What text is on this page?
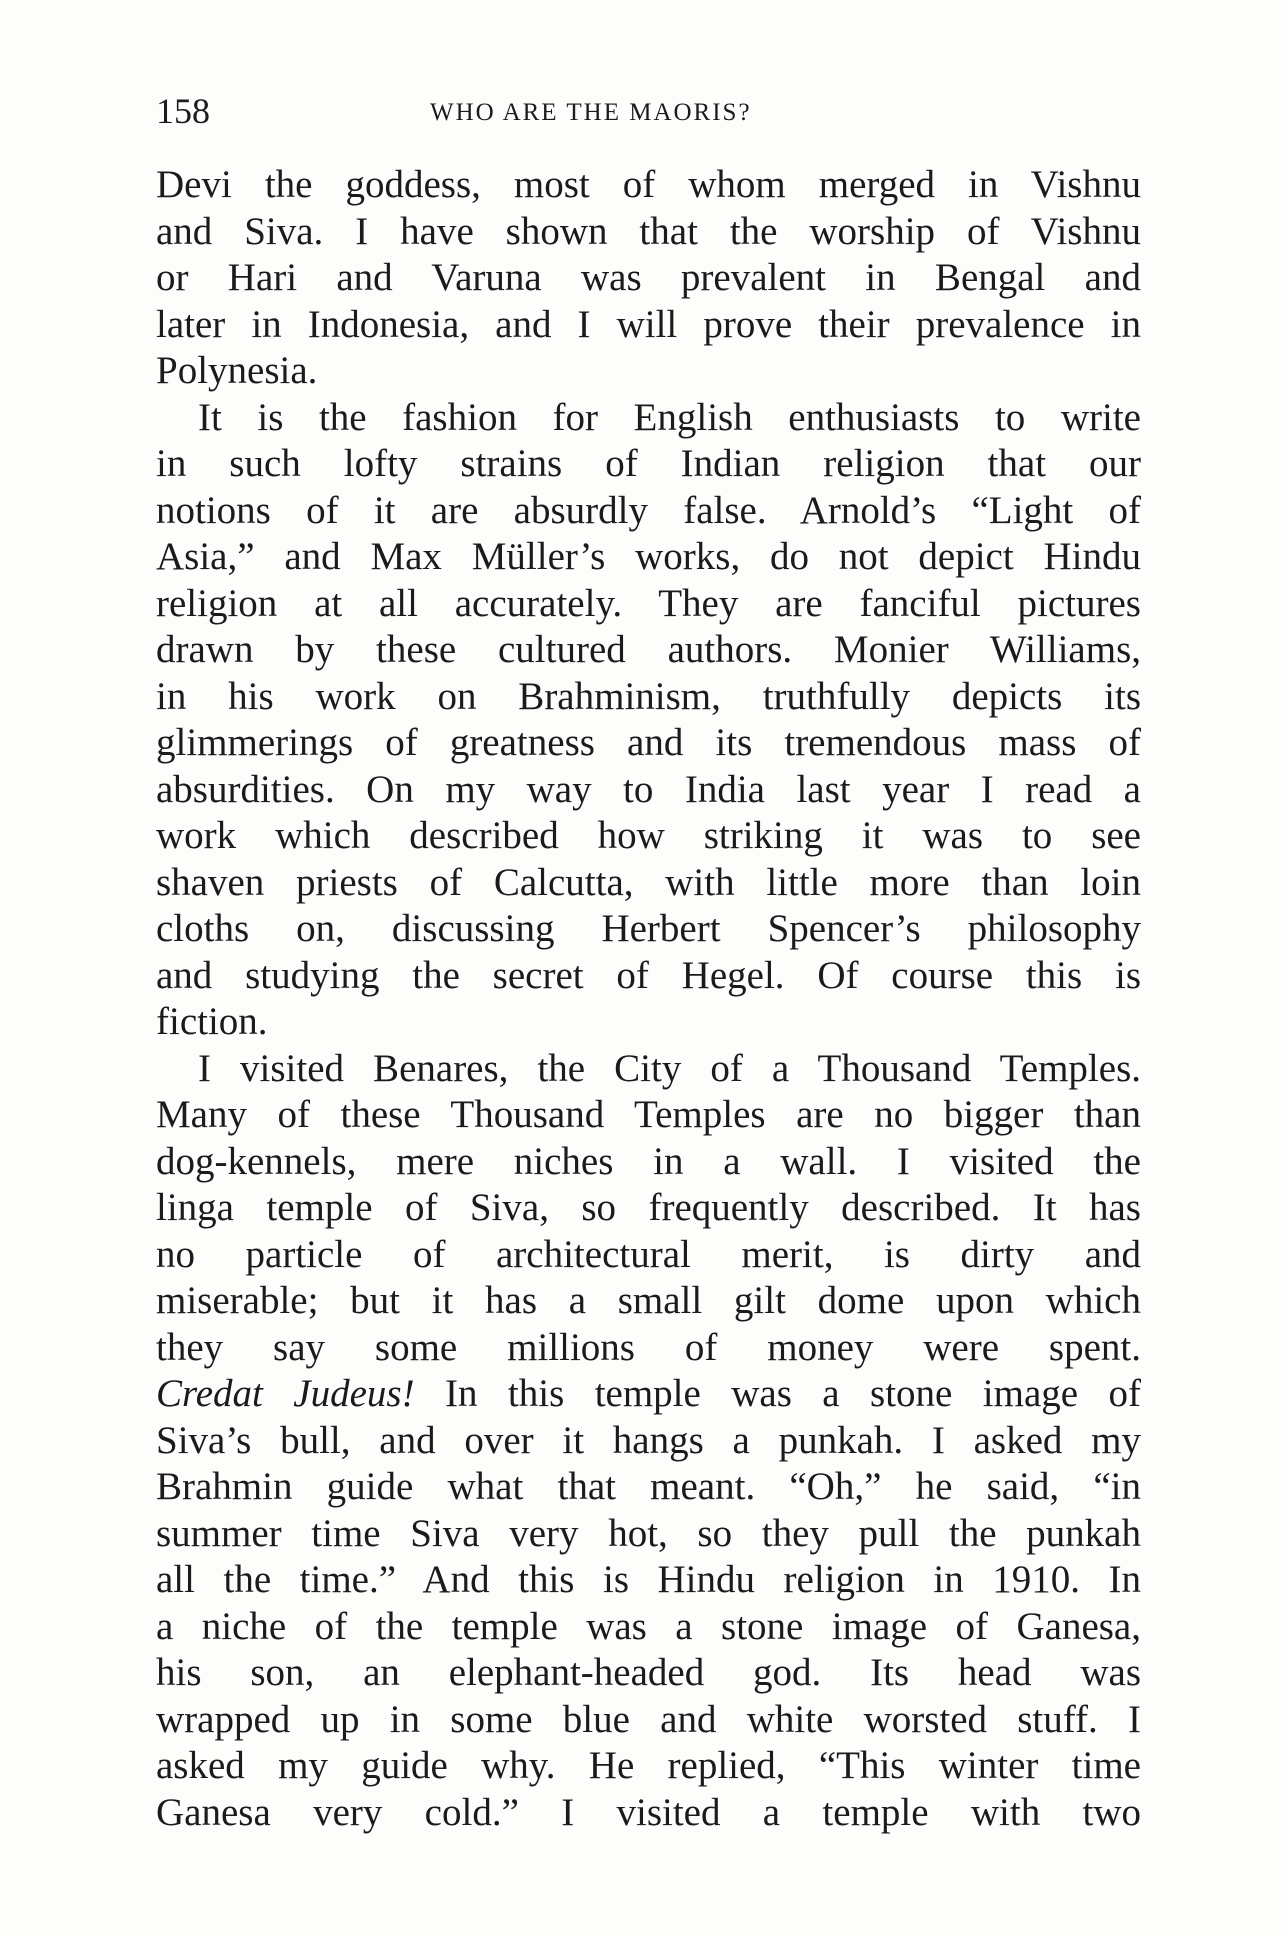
158	WHO ARE THE MAORIS?
Devi the goddess, most of whom merged in Vishnu
and Siva. I have shown that the worship of Vishnu
or Hari and Varuna was prevalent in Bengal and
later in Indonesia, and I will prove their prevalence in
Polynesia.
It is the fashion for English enthusiasts to write
in such lofty strains of Indian religion that our
notions of it are absurdly false. Arnold’s “Light of
Asia,” and Max Müller’s works, do not depict Hindu
religion at all accurately. They are fanciful pictures
drawn by these cultured authors. Monier Williams,
in his work on Brahminism, truthfully depicts its
glimmerings of greatness and its tremendous mass of
absurdities. On my way to India last year I read a
work which described how striking it was to see
shaven priests of Calcutta, with little more than loin
cloths on, discussing Herbert Spencer’s philosophy
and studying the secret of Hegel. Of course this is
fiction.
I visited Benares, the City of a Thousand Temples.
Many of these Thousand Temples are no bigger than
dog-kennels, mere niches in a wall. I visited the
linga temple of Siva, so frequently described. It has
no particle of architectural merit, is dirty and
miserable; but it has a small gilt dome upon which
they say some millions of money were spent.
Credat Judeus! In this temple was a stone image of
Siva’s bull, and over it hangs a punkah. I asked my
Brahmin guide what that meant. “Oh,” he said, “in
summer time Siva very hot, so they pull the punkah
all the time.” And this is Hindu religion in 1910. In
a niche of the temple was a stone image of Ganesa,
his son, an elephant-headed god. Its head was
wrapped up in some blue and white worsted stuff. I
asked my guide why. He replied, “This winter time
Ganesa very cold.” I visited a temple with two
